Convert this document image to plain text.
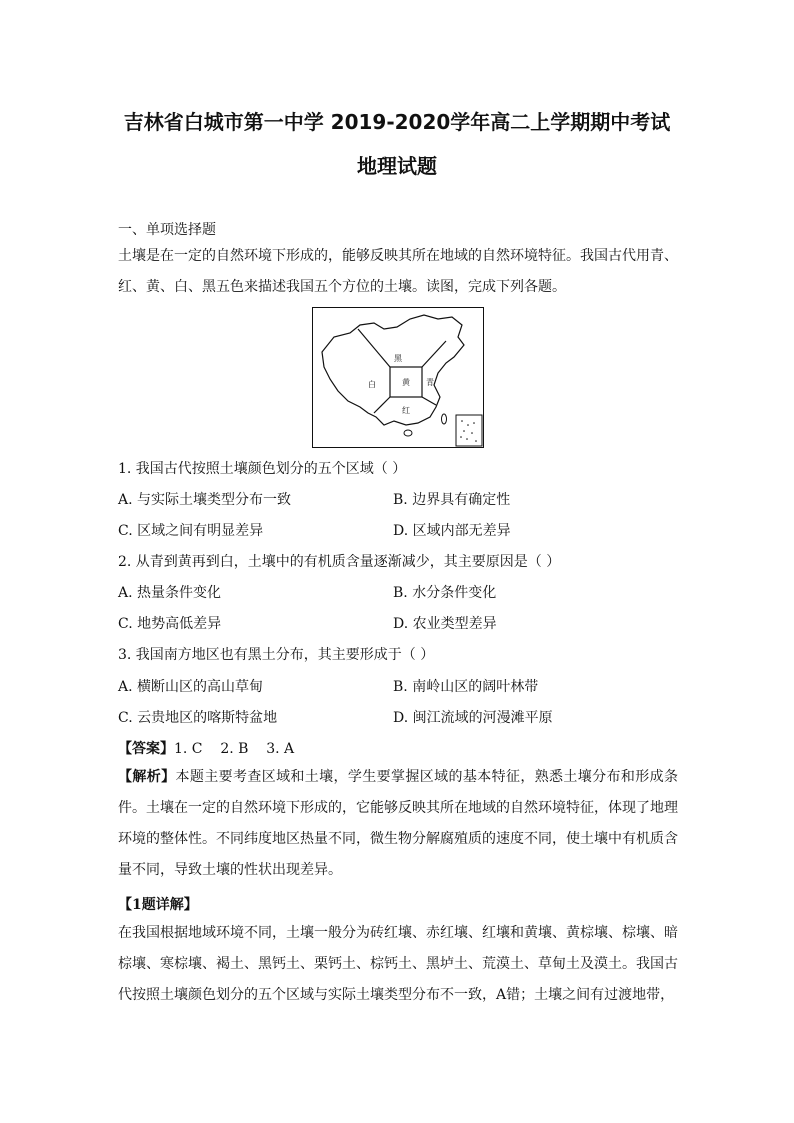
吉林省白城市第一中学 2019-2020学年高二上学期期中考试
地理试题
一、单项选择题
土壤是在一定的自然环境下形成的，能够反映其所在地域的自然环境特征。我国古代用青、红、黄、白、黑五色来描述我国五个方位的土壤。读图，完成下列各题。
黑
白	黄 青
红
1. 我国古代按照土壤颜色划分的五个区域（ ）
A. 与实际土壤类型分布一致	B. 边界具有确定性
C. 区域之间有明显差异	D. 区域内部无差异
2. 从青到黄再到白，土壤中的有机质含量逐渐减少，其主要原因是（ ）
A. 热量条件变化	B. 水分条件变化
C. 地势高低差异	D. 农业类型差异
3. 我国南方地区也有黑土分布，其主要形成于（ ）
A. 横断山区的高山草甸	B. 南岭山区的阔叶林带
C. 云贵地区的喀斯特盆地	D. 闽江流域的河漫滩平原
【答案】1. C    2. B    3. A
【解析】本题主要考查区域和土壤，学生要掌握区域的基本特征，熟悉土壤分布和形成条件。土壤在一定的自然环境下形成的，它能够反映其所在地域的自然环境特征，体现了地理环境的整体性。不同纬度地区热量不同，微生物分解腐殖质的速度不同，使土壤中有机质含量不同，导致土壤的性状出现差异。
【1题详解】
在我国根据地域环境不同，土壤一般分为砖红壤、赤红壤、红壤和黄壤、黄棕壤、棕壤、暗棕壤、寒棕壤、褐土、黑钙土、栗钙土、棕钙土、黑垆土、荒漠土、草甸土及漠土。我国古代按照土壤颜色划分的五个区域与实际土壤类型分布不一致，A错；土壤之间有过渡地带，
